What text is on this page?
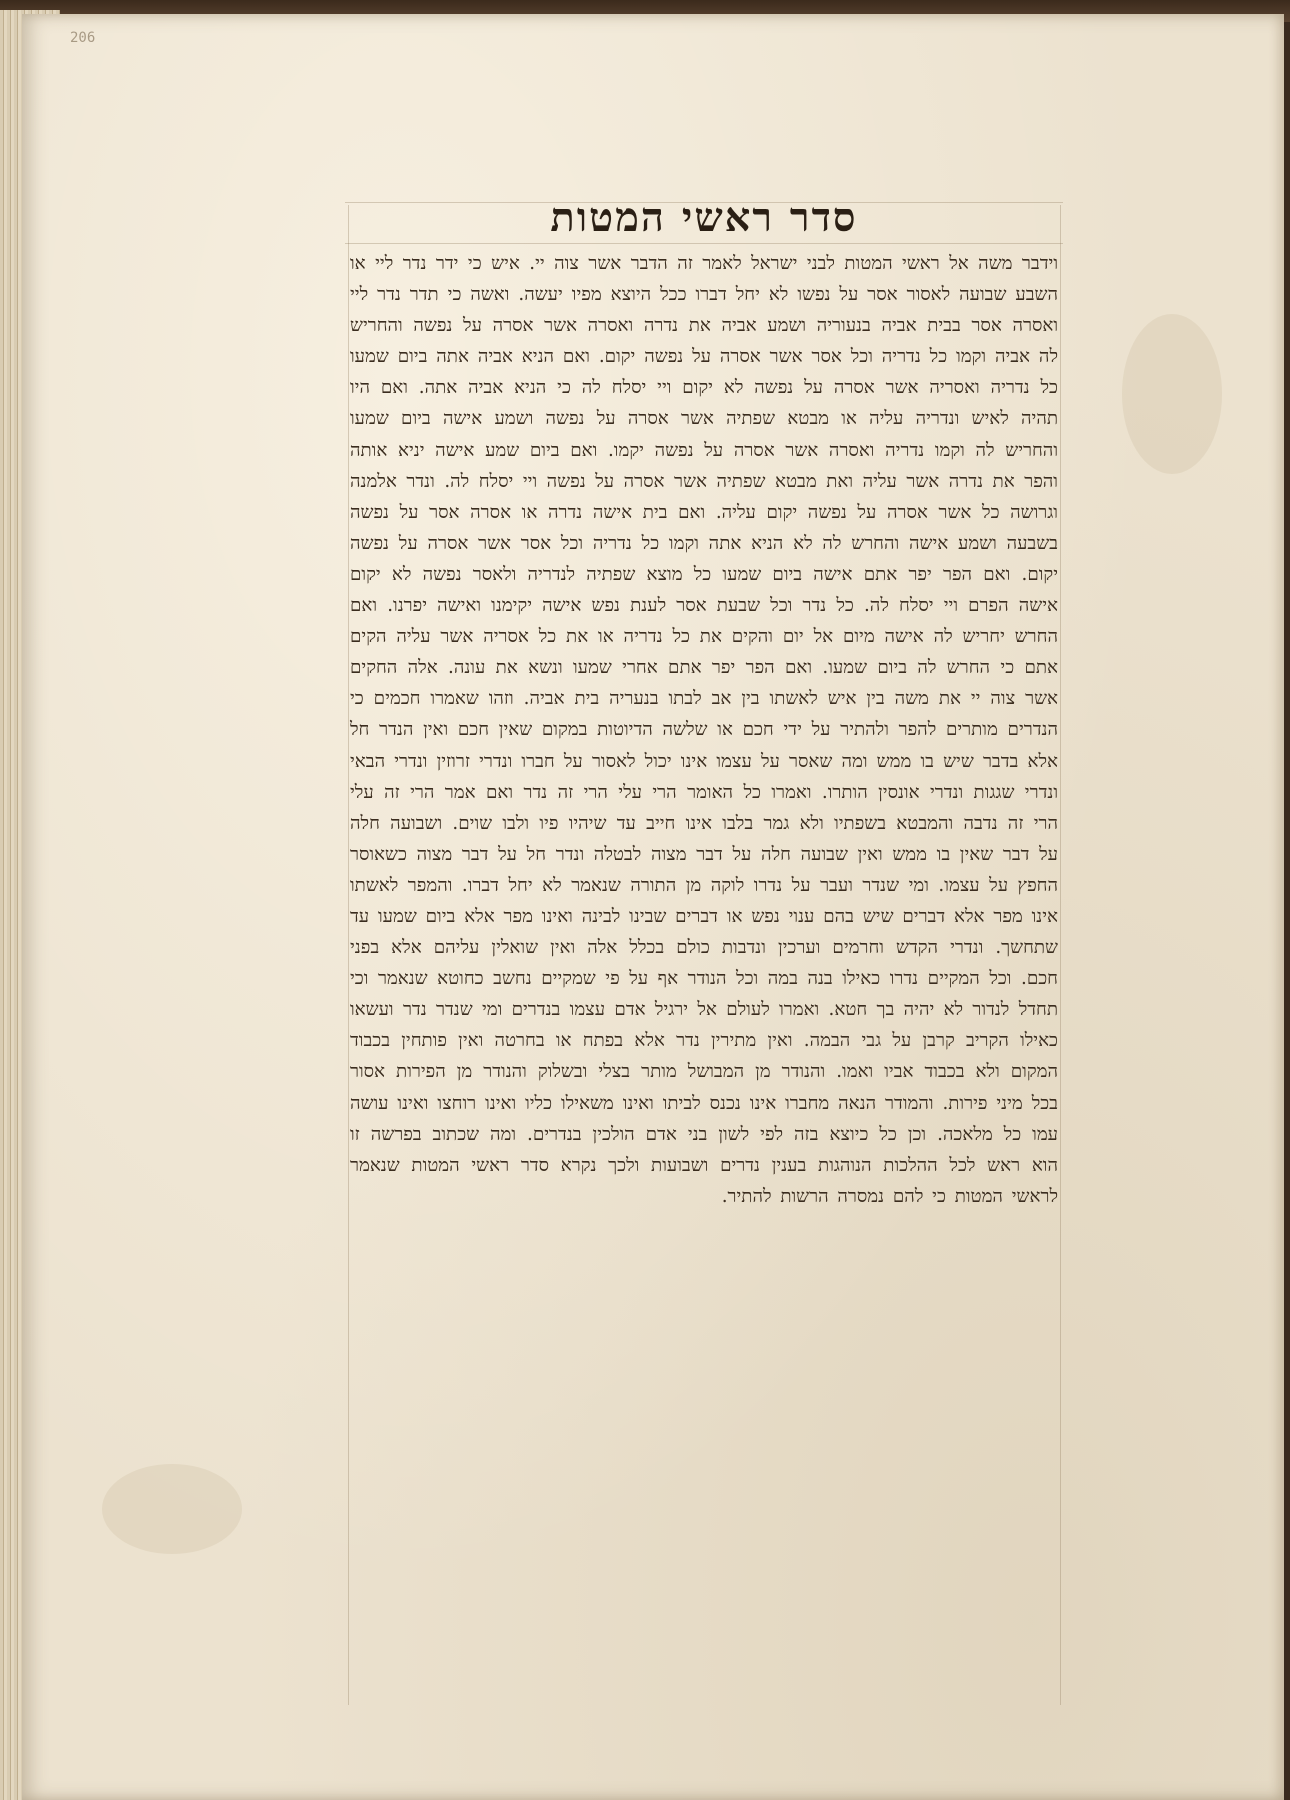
206
סדר ראשי המטות

וידבר משה אל ראשי המטות לבני ישראל לאמר זה הדבר אשר צוה יי. איש כי ידר נדר ליי או השבע שבועה לאסור אסר על נפשו לא יחל דברו ככל היוצא מפיו יעשה. ואשה כי תדר נדר ליי ואסרה אסר בבית אביה בנעוריה ושמע אביה את נדרה ואסרה אשר אסרה על נפשה והחריש לה אביה וקמו כל נדריה וכל אסר אשר אסרה על נפשה יקום. ואם הניא אביה אתה ביום שמעו כל נדריה ואסריה אשר אסרה על נפשה לא יקום ויי יסלח לה כי הניא אביה אתה. ואם היו תהיה לאיש ונדריה עליה או מבטא שפתיה אשר אסרה על נפשה ושמע אישה ביום שמעו והחריש לה וקמו נדריה ואסרה אשר אסרה על נפשה יקמו. ואם ביום שמע אישה יניא אותה והפר את נדרה אשר עליה ואת מבטא שפתיה אשר אסרה על נפשה ויי יסלח לה. ונדר אלמנה וגרושה כל אשר אסרה על נפשה יקום עליה. ואם בית אישה נדרה או אסרה אסר על נפשה בשבעה ושמע אישה והחרש לה לא הניא אתה וקמו כל נדריה וכל אסר אשר אסרה על נפשה יקום. ואם הפר יפר אתם אישה ביום שמעו כל מוצא שפתיה לנדריה ולאסר נפשה לא יקום אישה הפרם ויי יסלח לה. כל נדר וכל שבעת אסר לענת נפש אישה יקימנו ואישה יפרנו. ואם החרש יחריש לה אישה מיום אל יום והקים את כל נדריה או את כל אסריה אשר עליה הקים אתם כי החרש לה ביום שמעו. ואם הפר יפר אתם אחרי שמעו ונשא את עונה. אלה החקים אשר צוה יי את משה בין איש לאשתו בין אב לבתו בנעריה בית אביה. וזהו שאמרו חכמים כי הנדרים מותרים להפר ולהתיר על ידי חכם או שלשה הדיוטות במקום שאין חכם ואין הנדר חל אלא בדבר שיש בו ממש ומה שאסר על עצמו אינו יכול לאסור על חברו ונדרי זרוזין ונדרי הבאי ונדרי שגגות ונדרי אונסין הותרו. ואמרו כל האומר הרי עלי הרי זה נדר ואם אמר הרי זה עלי הרי זה נדבה והמבטא בשפתיו ולא גמר בלבו אינו חייב עד שיהיו פיו ולבו שוים. ושבועה חלה על דבר שאין בו ממש ואין שבועה חלה על דבר מצוה לבטלה ונדר חל על דבר מצוה כשאוסר החפץ על עצמו. ומי שנדר ועבר על נדרו לוקה מן התורה שנאמר לא יחל דברו. והמפר לאשתו אינו מפר אלא דברים שיש בהם ענוי נפש או דברים שבינו לבינה ואינו מפר אלא ביום שמעו עד שתחשך. ונדרי הקדש וחרמים וערכין ונדבות כולם בכלל אלה ואין שואלין עליהם אלא בפני חכם. וכל המקיים נדרו כאילו בנה במה וכל הנודר אף על פי שמקיים נחשב כחוטא שנאמר וכי תחדל לנדור לא יהיה בך חטא. ואמרו לעולם אל ירגיל אדם עצמו בנדרים ומי שנדר נדר ועשאו כאילו הקריב קרבן על גבי הבמה. ואין מתירין נדר אלא בפתח או בחרטה ואין פותחין בכבוד המקום ולא בכבוד אביו ואמו. והנודר מן המבושל מותר בצלי ובשלוק והנודר מן הפירות אסור בכל מיני פירות. והמודר הנאה מחברו אינו נכנס לביתו ואינו משאילו כליו ואינו רוחצו ואינו עושה עמו כל מלאכה. וכן כל כיוצא בזה לפי לשון בני אדם הולכין בנדרים. ומה שכתוב בפרשה זו הוא ראש לכל ההלכות הנוהגות בענין נדרים ושבועות ולכך נקרא סדר ראשי המטות שנאמר לראשי המטות כי להם נמסרה הרשות להתיר.
